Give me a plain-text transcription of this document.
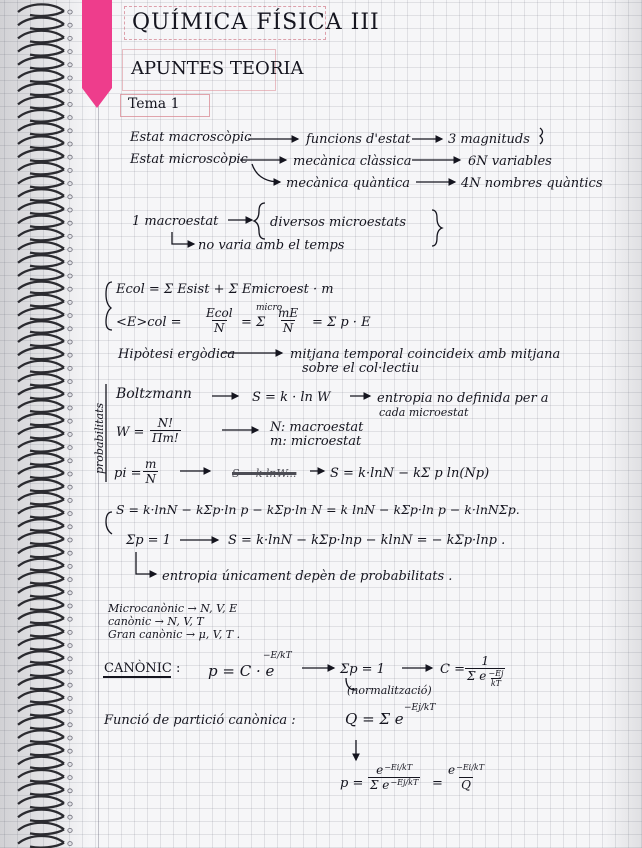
QUÍMICA FÍSICA III
APUNTES TEORIA
Tema 1
Estat macroscòpic	funcions d'estat	3 magnituds
Estat microscòpic	mecànica clàssica	6N variables
mecànica quàntica	4N nombres quàntics
1 macroestat	diversos microestats
no varia amb el temps
Ecol = Σ Esist + Σ Emicroest · m
<E>col =
Ecol
N
micro
= Σ $\frac{mE}{N} = \Sigma$ p · E
Hipòtesi ergòdica	mitjana temporal coincideix amb mitjana
sobre el col·lectiu
probabilitats
Boltzmann	S = k · ln W	entropia no definida per a
cada microestat
$W = \frac{N!}{\Pi m!}$	N: macroestat
m: microestat
pi = $\frac{m}{N}$	S = k·lnW...	S = k·lnN − kΣ p ln(Np)
S = k·lnN − kΣp·ln p − kΣp·ln N = k lnN − kΣp·ln p − k·lnNΣp.
Σp = 1	S = k·lnN − kΣp·lnp − klnN = − kΣp·lnp .
entropia únicament depèn de probabilitats .
Microcanònic → N, V, E
canònic → N, V, T
Gran canònic → μ, V, T .
CANÒNIC : p = C · e
−E/kT
Σp = 1	$C = \frac{1}{\Sigma e \frac{-Ej}{kT}}$
(normalització)
Funció de partició canònica :	Q = Σ e
−Ej/kT
$p = \frac{e -Ei/kT}{\text{Σ e −Ej/kT}} = \frac{e -Ei/kT}{Q}$
